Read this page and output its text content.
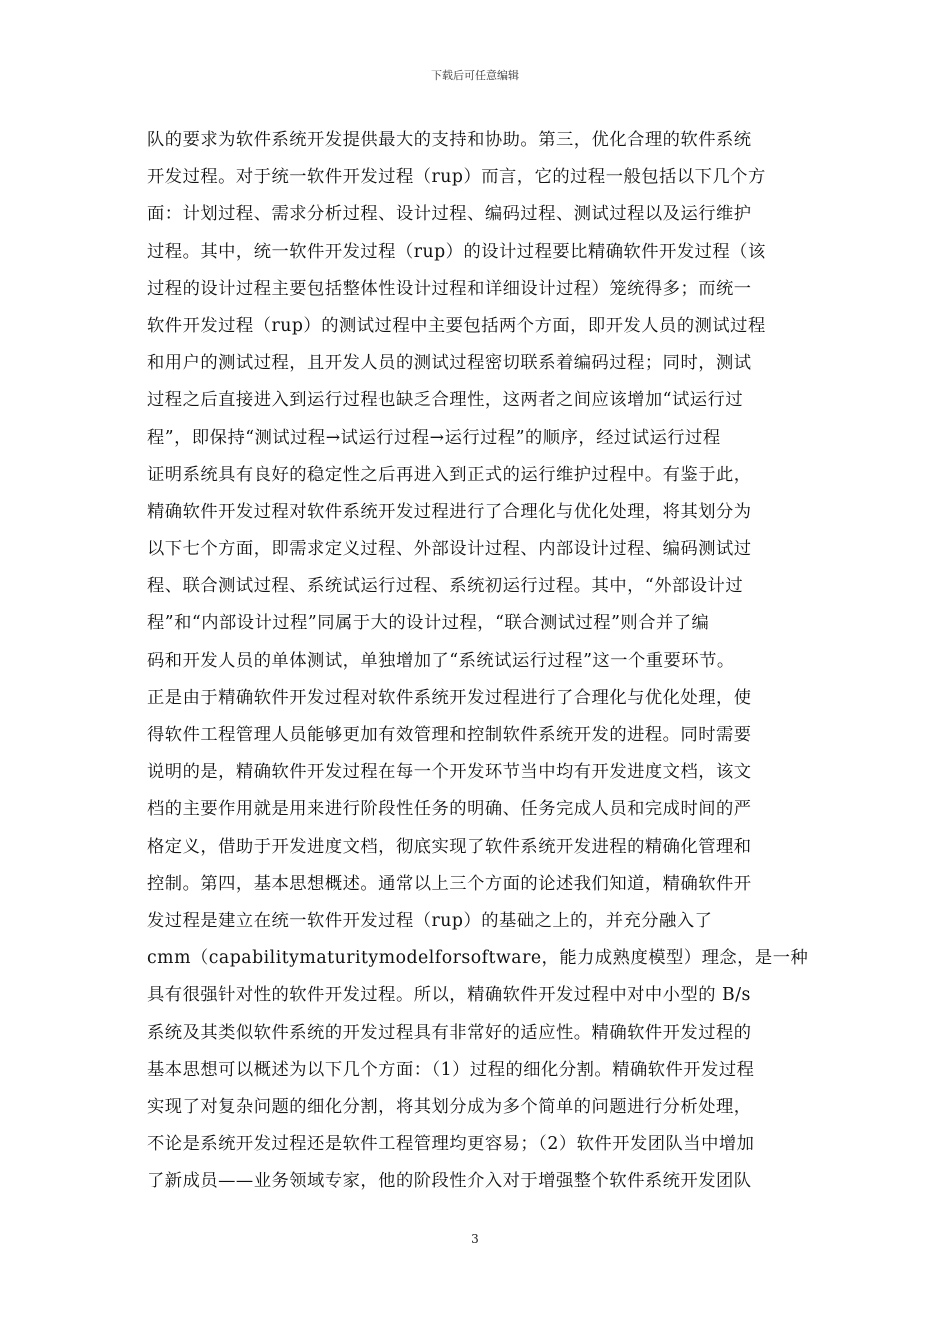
下载后可任意编辑
队的要求为软件系统开发提供最大的支持和协助。第三，优化合理的软件系统
开发过程。对于统一软件开发过程（rup）而言，它的过程一般包括以下几个方
面：计划过程、需求分析过程、设计过程、编码过程、测试过程以及运行维护
过程。其中，统一软件开发过程（rup）的设计过程要比精确软件开发过程（该
过程的设计过程主要包括整体性设计过程和详细设计过程）笼统得多；而统一
软件开发过程（rup）的测试过程中主要包括两个方面，即开发人员的测试过程
和用户的测试过程，且开发人员的测试过程密切联系着编码过程；同时，测试
过程之后直接进入到运行过程也缺乏合理性，这两者之间应该增加“试运行过
程”，即保持“测试过程→试运行过程→运行过程”的顺序，经过试运行过程
证明系统具有良好的稳定性之后再进入到正式的运行维护过程中。有鉴于此，
精确软件开发过程对软件系统开发过程进行了合理化与优化处理，将其划分为
以下七个方面，即需求定义过程、外部设计过程、内部设计过程、编码测试过
程、联合测试过程、系统试运行过程、系统初运行过程。其中，“外部设计过
程”和“内部设计过程”同属于大的设计过程，“联合测试过程”则合并了编
码和开发人员的单体测试，单独增加了“系统试运行过程”这一个重要环节。
正是由于精确软件开发过程对软件系统开发过程进行了合理化与优化处理，使
得软件工程管理人员能够更加有效管理和控制软件系统开发的进程。同时需要
说明的是，精确软件开发过程在每一个开发环节当中均有开发进度文档，该文
档的主要作用就是用来进行阶段性任务的明确、任务完成人员和完成时间的严
格定义，借助于开发进度文档，彻底实现了软件系统开发进程的精确化管理和
控制。第四，基本思想概述。通常以上三个方面的论述我们知道，精确软件开
发过程是建立在统一软件开发过程（rup）的基础之上的，并充分融入了
cmm（capabilitymaturitymodelforsoftware，能力成熟度模型）理念，是一种
具有很强针对性的软件开发过程。所以，精确软件开发过程中对中小型的 B/s
系统及其类似软件系统的开发过程具有非常好的适应性。精确软件开发过程的
基本思想可以概述为以下几个方面：（1）过程的细化分割。精确软件开发过程
实现了对复杂问题的细化分割，将其划分成为多个简单的问题进行分析处理，
不论是系统开发过程还是软件工程管理均更容易；（2）软件开发团队当中增加
了新成员——业务领域专家，他的阶段性介入对于增强整个软件系统开发团队
3
